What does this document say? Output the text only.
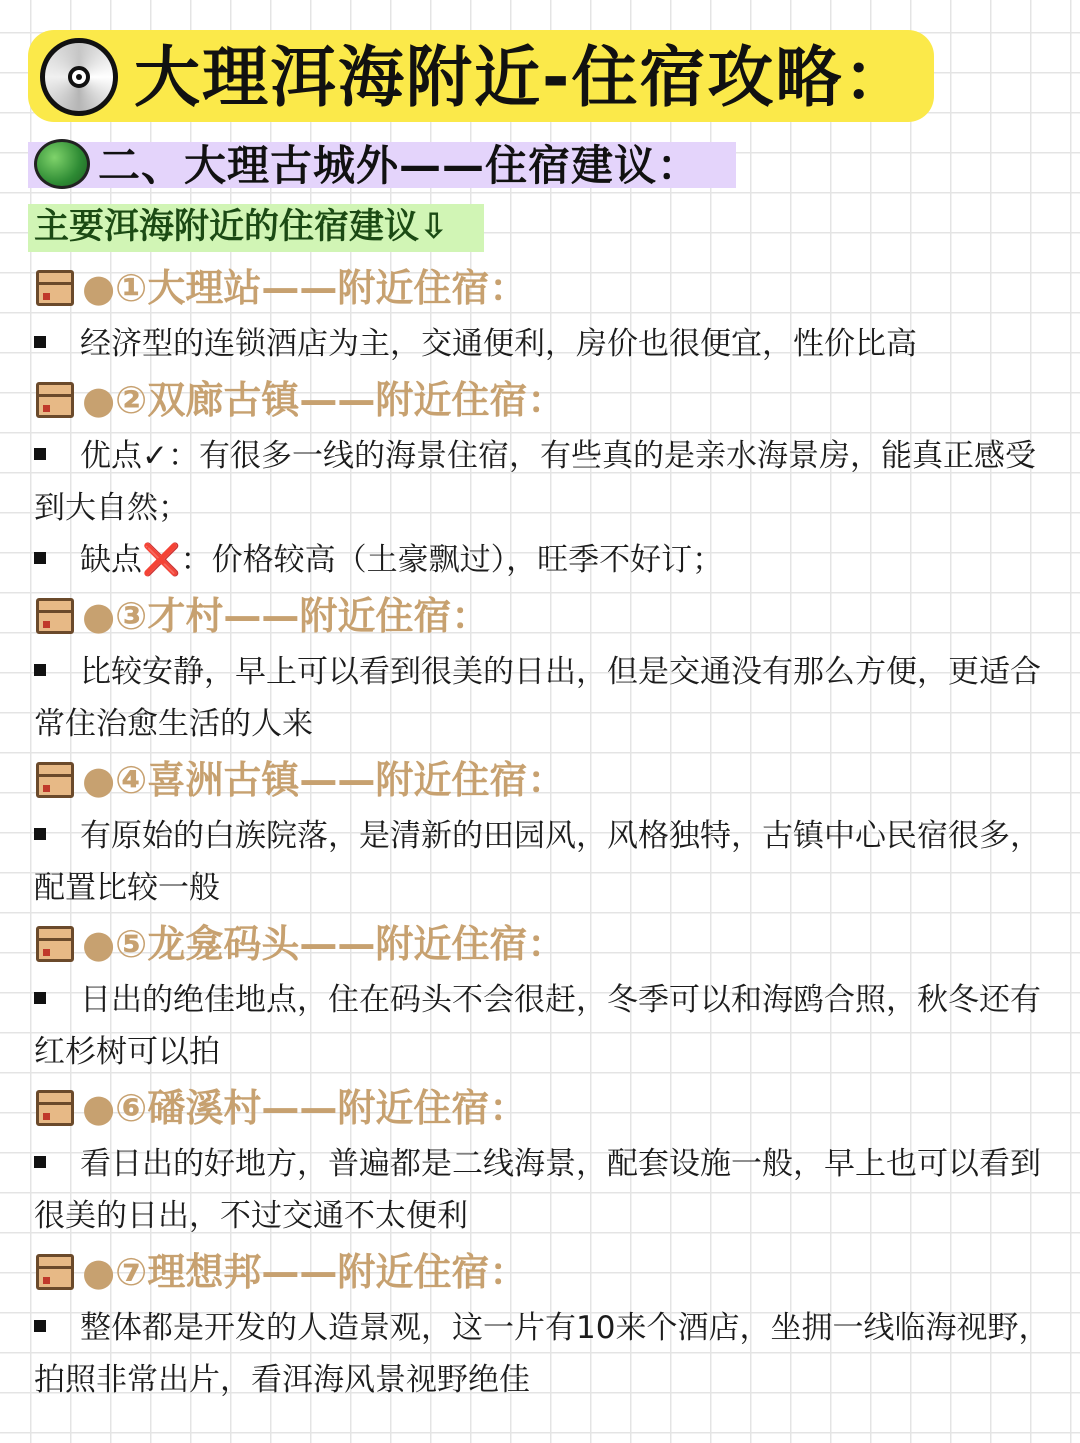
大理洱海附近-住宿攻略：
二、大理古城外——住宿建议：
主要洱海附近的住宿建议⇩
●①大理站——附近住宿：
经济型的连锁酒店为主，交通便利，房价也很便宜，性价比高
●②双廊古镇——附近住宿：
优点✓：有很多一线的海景住宿，有些真的是亲水海景房，能真正感受到大自然；
缺点❌：价格较高（土豪飘过），旺季不好订；
●③才村——附近住宿：
比较安静，早上可以看到很美的日出，但是交通没有那么方便，更适合常住治愈生活的人来
●④喜洲古镇——附近住宿：
有原始的白族院落，是清新的田园风，风格独特，古镇中心民宿很多，配置比较一般
●⑤龙龛码头——附近住宿：
日出的绝佳地点，住在码头不会很赶，冬季可以和海鸥合照，秋冬还有红杉树可以拍
●⑥磻溪村——附近住宿：
看日出的好地方，普遍都是二线海景，配套设施一般，早上也可以看到很美的日出，不过交通不太便利
●⑦理想邦——附近住宿：
整体都是开发的人造景观，这一片有10来个酒店，坐拥一线临海视野，拍照非常出片，看洱海风景视野绝佳
